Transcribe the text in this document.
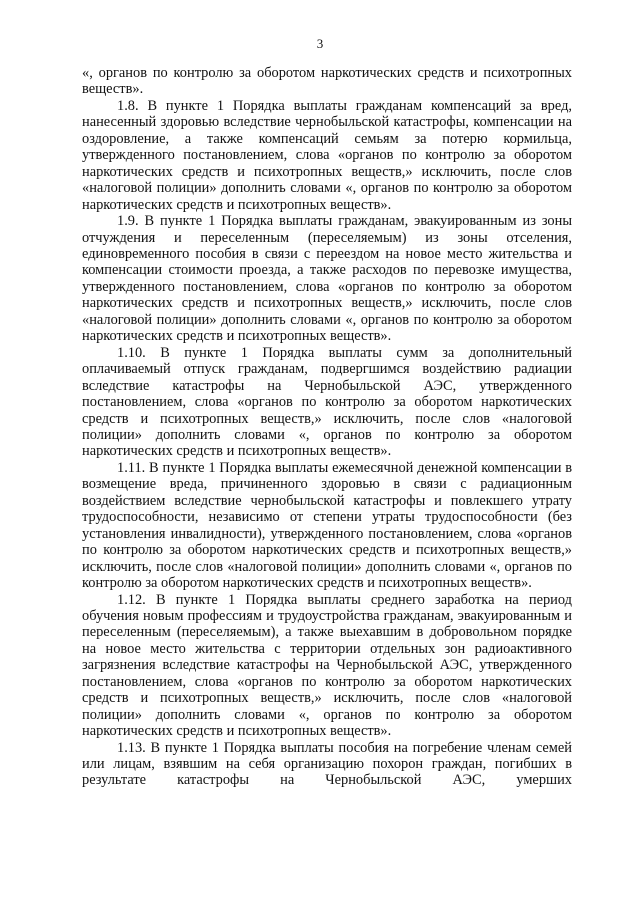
3

«, органов по контролю за оборотом наркотических средств и психотропных веществ».

1.8. В пункте 1 Порядка выплаты гражданам компенсаций за вред, нанесенный здоровью вследствие чернобыльской катастрофы, компенсации на оздоровление, а также компенсаций семьям за потерю кормильца, утвержденного постановлением, слова «органов по контролю за оборотом наркотических средств и психотропных веществ,» исключить, после слов «налоговой полиции» дополнить словами «, органов по контролю за оборотом наркотических средств и психотропных веществ».

1.9. В пункте 1 Порядка выплаты гражданам, эвакуированным из зоны отчуждения и переселенным (переселяемым) из зоны отселения, единовременного пособия в связи с переездом на новое место жительства и компенсации стоимости проезда, а также расходов по перевозке имущества, утвержденного постановлением, слова «органов по контролю за оборотом наркотических средств и психотропных веществ,» исключить, после слов «налоговой полиции» дополнить словами «, органов по контролю за оборотом наркотических средств и психотропных веществ».

1.10. В пункте 1 Порядка выплаты сумм за дополнительный оплачиваемый отпуск гражданам, подвергшимся воздействию радиации вследствие катастрофы на Чернобыльской АЭС, утвержденного постановлением, слова «органов по контролю за оборотом наркотических средств и психотропных веществ,» исключить, после слов «налоговой полиции» дополнить словами «, органов по контролю за оборотом наркотических средств и психотропных веществ».

1.11. В пункте 1 Порядка выплаты ежемесячной денежной компенсации в возмещение вреда, причиненного здоровью в связи с радиационным воздействием вследствие чернобыльской катастрофы и повлекшего утрату трудоспособности, независимо от степени утраты трудоспособности (без установления инвалидности), утвержденного постановлением, слова «органов по контролю за оборотом наркотических средств и психотропных веществ,» исключить, после слов «налоговой полиции» дополнить словами «, органов по контролю за оборотом наркотических средств и психотропных веществ».

1.12. В пункте 1 Порядка выплаты среднего заработка на период обучения новым профессиям и трудоустройства гражданам, эвакуированным и переселенным (переселяемым), а также выехавшим в добровольном порядке на новое место жительства с территории отдельных зон радиоактивного загрязнения вследствие катастрофы на Чернобыльской АЭС, утвержденного постановлением, слова «органов по контролю за оборотом наркотических средств и психотропных веществ,» исключить, после слов «налоговой полиции» дополнить словами «, органов по контролю за оборотом наркотических средств и психотропных веществ».

1.13. В пункте 1 Порядка выплаты пособия на погребение членам семей или лицам, взявшим на себя организацию похорон граждан, погибших в результате катастрофы на Чернобыльской АЭС, умерших
